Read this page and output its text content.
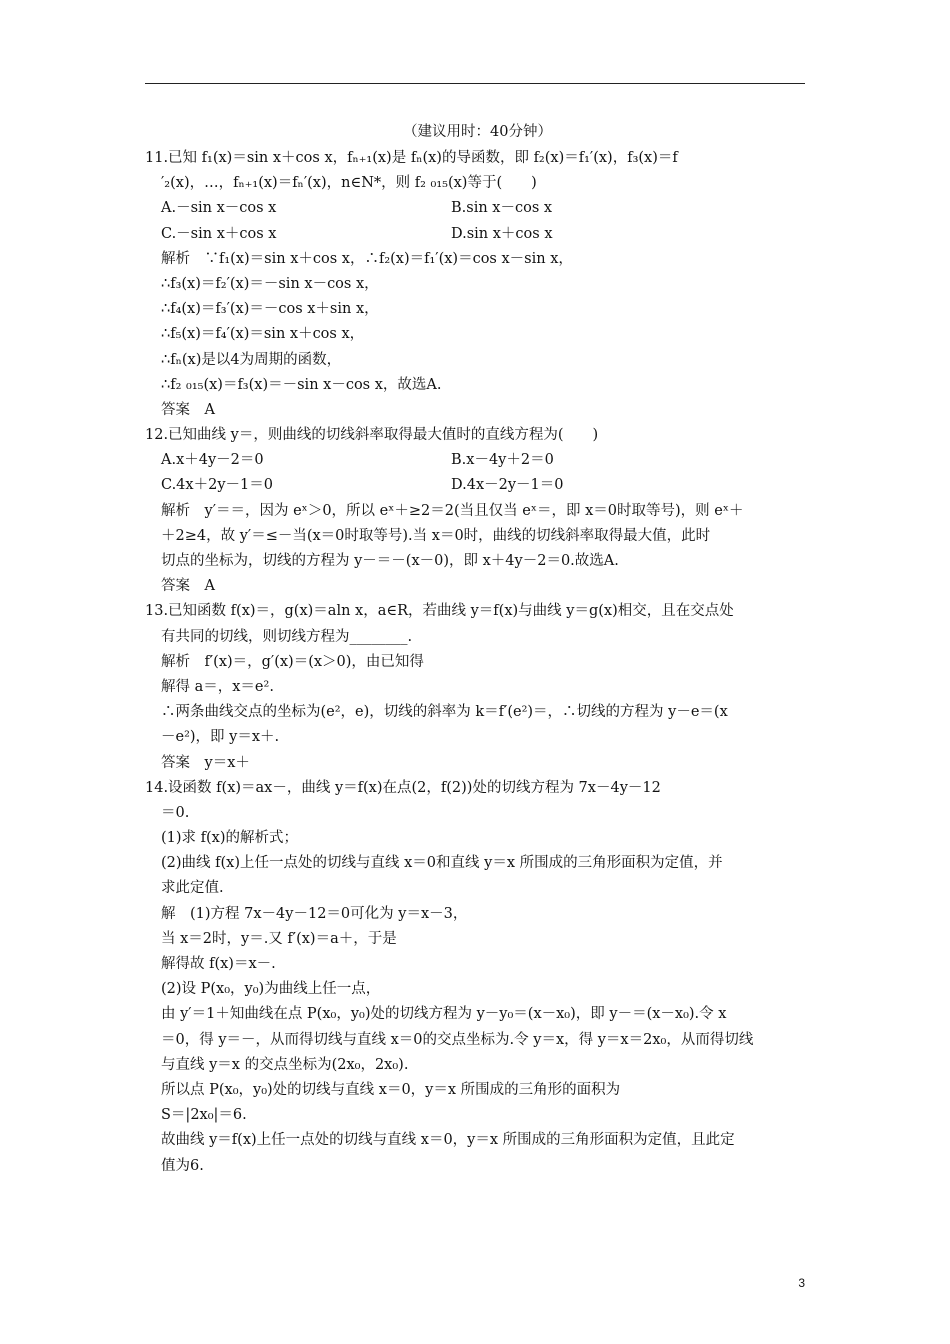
（建议用时：40分钟）
11.已知 f₁(x)＝sin x＋cos x，fₙ₊₁(x)是 fₙ(x)的导函数，即 f₂(x)＝f₁′(x)，f₃(x)＝f
′₂(x)，…，fₙ₊₁(x)＝fₙ′(x)，n∈N*，则 f₂ ₀₁₅(x)等于(　　)
A.－sin x－cos x	B.sin x－cos x
C.－sin x＋cos x	D.sin x＋cos x
解析　∵f₁(x)＝sin x＋cos x，∴f₂(x)＝f₁′(x)＝cos x－sin x，
∴f₃(x)＝f₂′(x)＝－sin x－cos x，
∴f₄(x)＝f₃′(x)＝－cos x＋sin x，
∴f₅(x)＝f₄′(x)＝sin x＋cos x，
∴fₙ(x)是以4为周期的函数，
∴f₂ ₀₁₅(x)＝f₃(x)＝－sin x－cos x，故选A.
答案　A
12.已知曲线 y＝，则曲线的切线斜率取得最大值时的直线方程为(　　)
A.x＋4y－2＝0	B.x－4y＋2＝0
C.4x＋2y－1＝0	D.4x－2y－1＝0
解析　y′＝＝，因为 eˣ＞0，所以 eˣ＋≥2＝2(当且仅当 eˣ＝，即 x＝0时取等号)，则 eˣ＋
＋2≥4，故 y′＝≤－当(x＝0时取等号).当 x＝0时，曲线的切线斜率取得最大值，此时
切点的坐标为，切线的方程为 y－＝－(x－0)，即 x＋4y－2＝0.故选A.
答案　A
13.已知函数 f(x)＝，g(x)＝aln x，a∈R，若曲线 y＝f(x)与曲线 y＝g(x)相交，且在交点处
有共同的切线，则切线方程为________.
解析　f′(x)＝，g′(x)＝(x＞0)，由已知得
解得 a＝，x＝e².
∴两条曲线交点的坐标为(e²，e)，切线的斜率为 k＝f′(e²)＝，∴切线的方程为 y－e＝(x
－e²)，即 y＝x＋.
答案　y＝x＋
14.设函数 f(x)＝ax－，曲线 y＝f(x)在点(2，f(2))处的切线方程为 7x－4y－12
＝0.
(1)求 f(x)的解析式；
(2)曲线 f(x)上任一点处的切线与直线 x＝0和直线 y＝x 所围成的三角形面积为定值，并
求此定值.
解　(1)方程 7x－4y－12＝0可化为 y＝x－3，
当 x＝2时，y＝.又 f′(x)＝a＋，于是
解得故 f(x)＝x－.
(2)设 P(x₀，y₀)为曲线上任一点，
由 y′＝1＋知曲线在点 P(x₀，y₀)处的切线方程为 y－y₀＝(x－x₀)，即 y－＝(x－x₀).令 x
＝0，得 y＝－，从而得切线与直线 x＝0的交点坐标为.令 y＝x，得 y＝x＝2x₀，从而得切线
与直线 y＝x 的交点坐标为(2x₀，2x₀).
所以点 P(x₀，y₀)处的切线与直线 x＝0，y＝x 所围成的三角形的面积为
S＝|2x₀|＝6.
故曲线 y＝f(x)上任一点处的切线与直线 x＝0，y＝x 所围成的三角形面积为定值，且此定
值为6.
3
